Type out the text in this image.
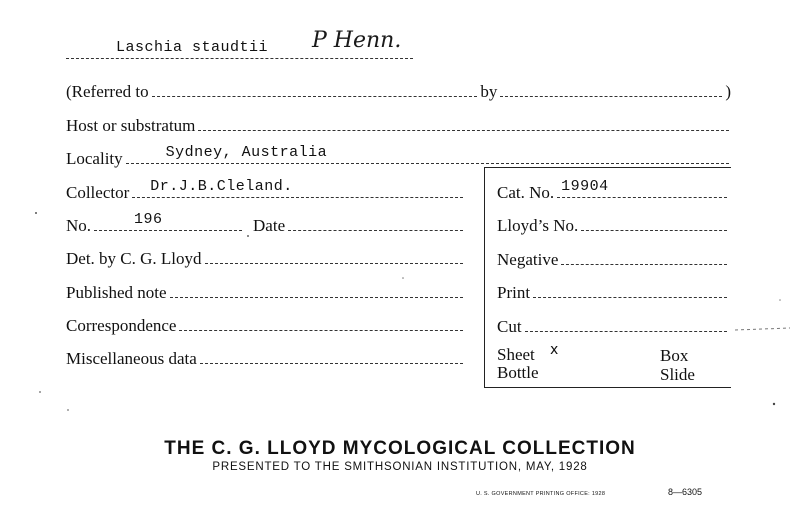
Laschia staudtii P Henn.
(Referred to	by	)
Host or substratum
Locality	Sydney, Australia
Collector Dr.J.B.Cleland.
No.	196	Date
Det. by C. G. Lloyd
Published note
Correspondence
Miscellaneous data
Cat. No. 19904
Lloyd’s No.
Negative
Print
Cut
Sheet x
Bottle
Box
Slide
THE C. G. LLOYD MYCOLOGICAL COLLECTION
PRESENTED TO THE SMITHSONIAN INSTITUTION, MAY, 1928
U. S. GOVERNMENT PRINTING OFFICE: 1928	8—6305
